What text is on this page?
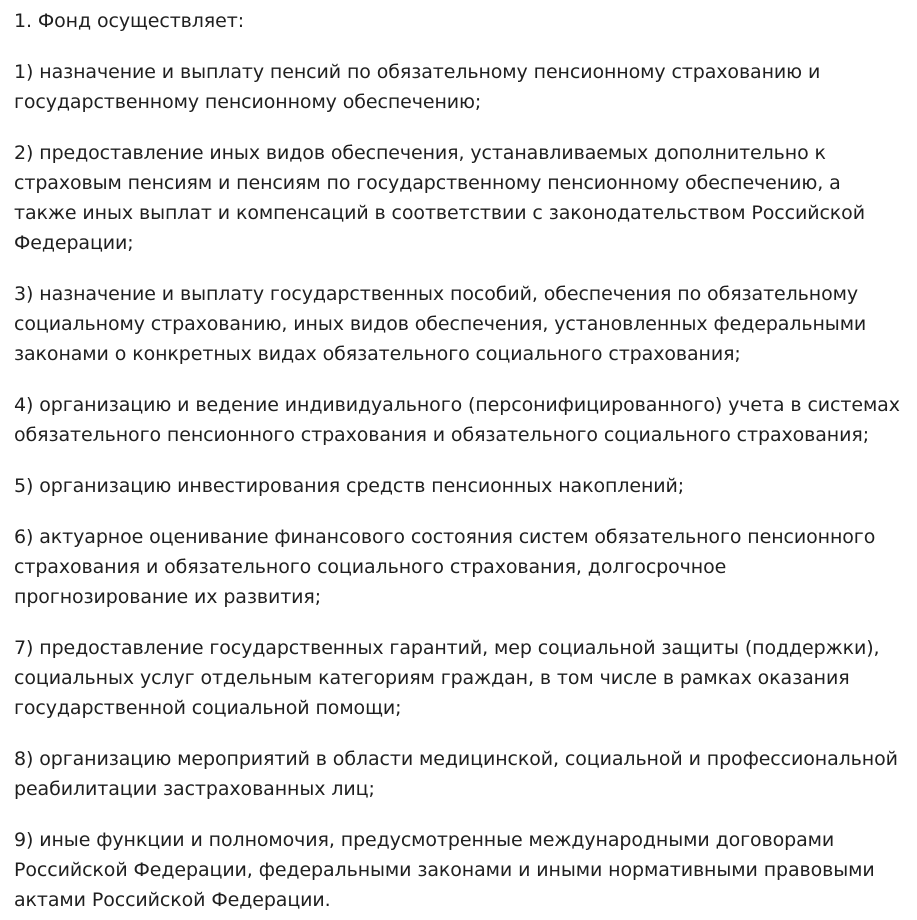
1. Фонд осуществляет:
1) назначение и выплату пенсий по обязательному пенсионному страхованию и
государственному пенсионному обеспечению;
2) предоставление иных видов обеспечения, устанавливаемых дополнительно к
страховым пенсиям и пенсиям по государственному пенсионному обеспечению, а
также иных выплат и компенсаций в соответствии с законодательством Российской
Федерации;
3) назначение и выплату государственных пособий, обеспечения по обязательному
социальному страхованию, иных видов обеспечения, установленных федеральными
законами о конкретных видах обязательного социального страхования;
4) организацию и ведение индивидуального (персонифицированного) учета в системах
обязательного пенсионного страхования и обязательного социального страхования;
5) организацию инвестирования средств пенсионных накоплений;
6) актуарное оценивание финансового состояния систем обязательного пенсионного
страхования и обязательного социального страхования, долгосрочное
прогнозирование их развития;
7) предоставление государственных гарантий, мер социальной защиты (поддержки),
социальных услуг отдельным категориям граждан, в том числе в рамках оказания
государственной социальной помощи;
8) организацию мероприятий в области медицинской, социальной и профессиональной
реабилитации застрахованных лиц;
9) иные функции и полномочия, предусмотренные международными договорами
Российской Федерации, федеральными законами и иными нормативными правовыми
актами Российской Федерации.
